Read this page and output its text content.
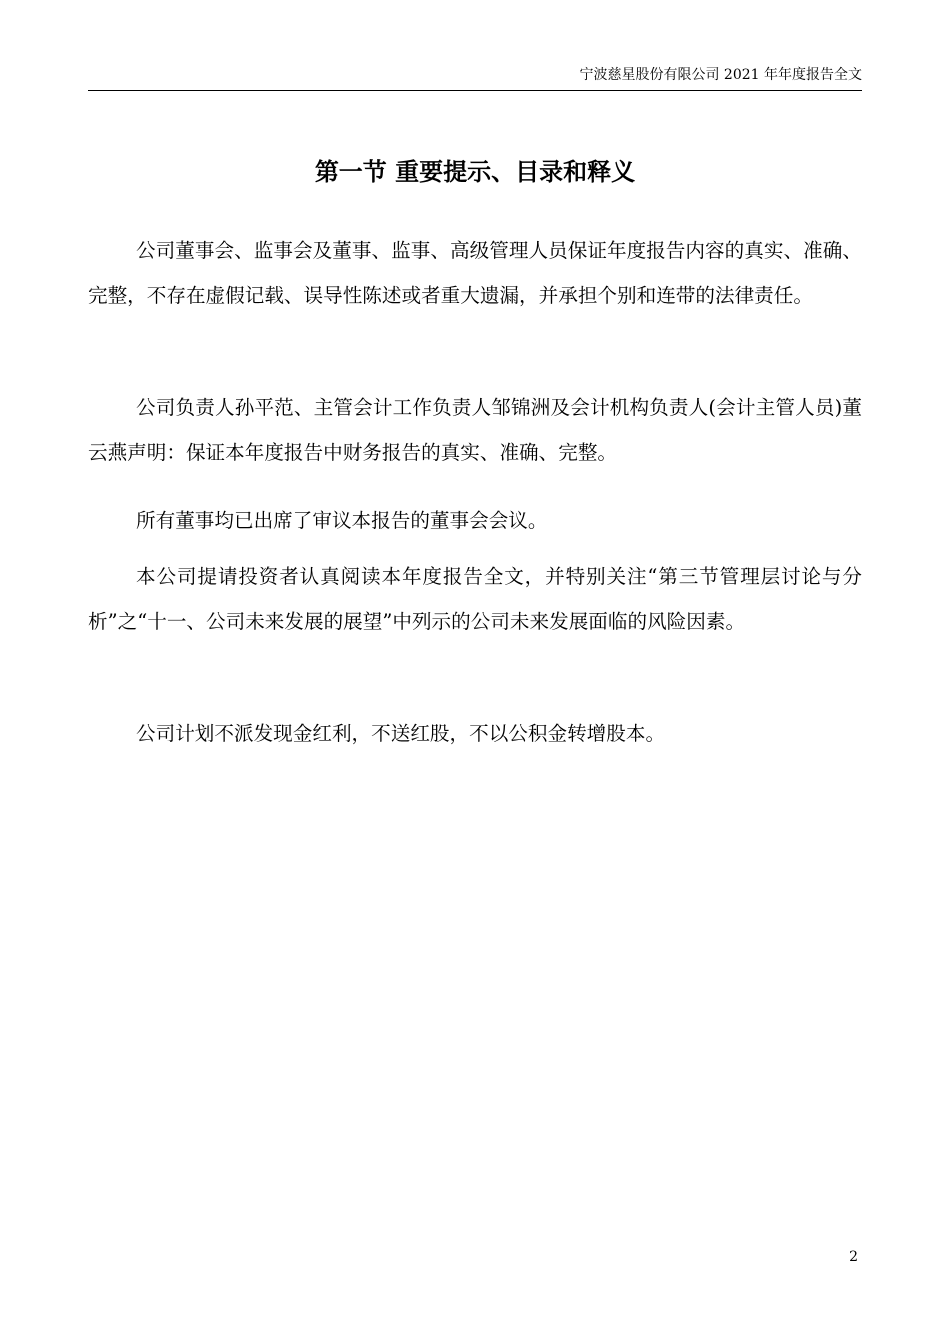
宁波慈星股份有限公司 2021 年年度报告全文
第一节 重要提示、目录和释义

公司董事会、监事会及董事、监事、高级管理人员保证年度报告内容的真实、准确、完整，不存在虚假记载、误导性陈述或者重大遗漏，并承担个别和连带的法律责任。

公司负责人孙平范、主管会计工作负责人邹锦洲及会计机构负责人(会计主管人员)董云燕声明：保证本年度报告中财务报告的真实、准确、完整。

所有董事均已出席了审议本报告的董事会会议。

本公司提请投资者认真阅读本年度报告全文，并特别关注“第三节管理层讨论与分析”之“十一、公司未来发展的展望”中列示的公司未来发展面临的风险因素。

公司计划不派发现金红利，不送红股，不以公积金转增股本。

2
